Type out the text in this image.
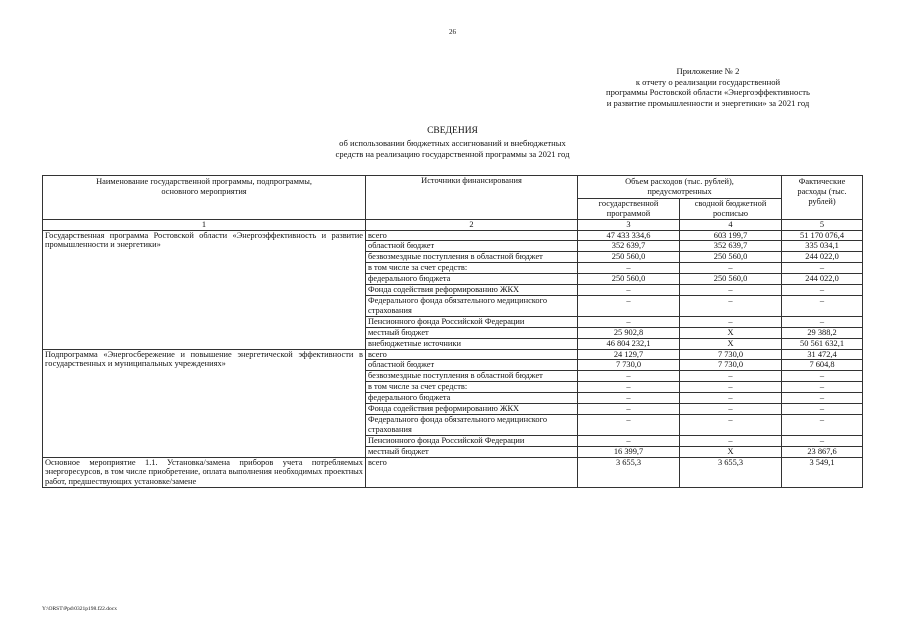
26
Приложение № 2
к отчету о реализации государственной
программы Ростовской области «Энергоэффективность
и развитие промышленности и энергетики» за 2021 год
СВЕДЕНИЯ
об использовании бюджетных ассигнований и внебюджетных
средств на реализацию государственной программы за 2021 год
Наименование государственной программы, подпрограммы, основного мероприятия	Источники финансирования	Объем расходов (тыс. рублей), предусмотренных		Фактические расходы (тыс. рублей)
		государственной программой	сводной бюджетной росписью	
1	2	3	4	5
Государственная программа Ростовской области «Энергоэффективность и развитие промышленности и энергетики»	всего	47 433 334,6	603 199,7	51 170 076,4
	областной бюджет	352 639,7	352 639,7	335 034,1
	безвозмездные поступления в областной бюджет	250 560,0	250 560,0	244 022,0
	в том числе за счет средств:	–	–	–
	федерального бюджета	250 560,0	250 560,0	244 022,0
	Фонда содействия реформированию ЖКХ	–	–	–
	Федерального фонда обязательного медицинского страхования	–	–	–
	Пенсионного фонда Российской Федерации	–	–	–
	местный бюджет	25 902,8	Х	29 388,2
	внебюджетные источники	46 804 232,1	Х	50 561 632,1
Подпрограмма «Энергосбережение и повышение энергетической эффективности в государственных и муниципальных учреждениях»	всего	24 129,7	7 730,0	31 472,4
	областной бюджет	7 730,0	7 730,0	7 604,8
	безвозмездные поступления в областной бюджет	–	–	–
	в том числе за счет средств:	–	–	–
	федерального бюджета	–	–	–
	Фонда содействия реформированию ЖКХ	–	–	–
	Федерального фонда обязательного медицинского страхования	–	–	–
	Пенсионного фонда Российской Федерации	–	–	–
	местный бюджет	16 399,7	Х	23 867,6
Основное мероприятие 1.1. Установка/замена приборов учета потребляемых энергоресурсов, в том числе приобретение, оплата выполнения необходимых проектных работ, предшествующих установке/замене	всего	3 655,3	3 655,3	3 549,1
Y:\ORST\Ppd\0321p198.f22.docx
